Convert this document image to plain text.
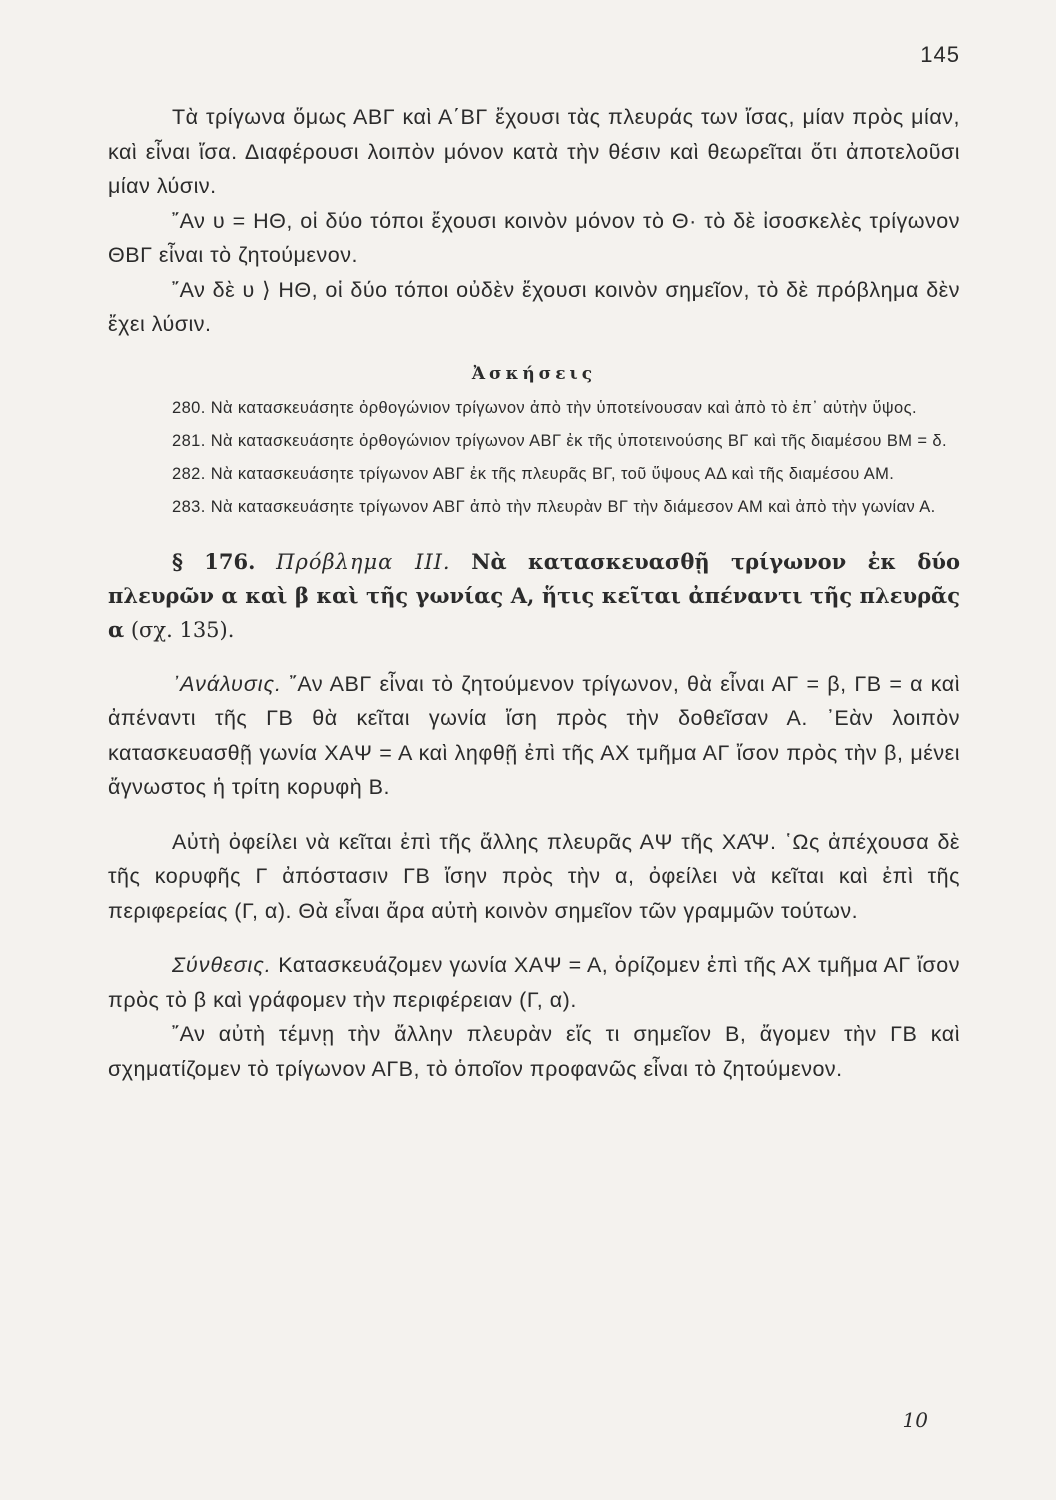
145

Τὰ τρίγωνα ὅμως ΑΒΓ καὶ Α΄ΒΓ ἔχουσι τὰς πλευράς των ἴσας, μίαν πρὸς μίαν, καὶ εἶναι ἴσα. Διαφέρουσι λοιπὸν μόνον κατὰ τὴν θέσιν καὶ θεωρεῖται ὅτι ἀποτελοῦσι μίαν λύσιν.

῎Αν υ = ΗΘ, οἱ δύο τόποι ἔχουσι κοινὸν μόνον τὸ Θ· τὸ δὲ ἰσοσκελὲς τρίγωνον ΘΒΓ εἶναι τὸ ζητούμενον.

῎Αν δὲ υ ⟩ ΗΘ, οἱ δύο τόποι οὐδὲν ἔχουσι κοινὸν σημεῖον, τὸ δὲ πρόβλημα δὲν ἔχει λύσιν.

Ἀσκήσεις

280. Νὰ κατασκευάσητε ὀρθογώνιον τρίγωνον ἀπὸ τὴν ὑποτείνουσαν καὶ ἀπὸ τὸ ἐπ᾿ αὐτὴν ὕψος.

281. Νὰ κατασκευάσητε ὀρθογώνιον τρίγωνον ΑΒΓ ἐκ τῆς ὑποτεινούσης ΒΓ καὶ τῆς διαμέσου ΒΜ = δ.

282. Νὰ κατασκευάσητε τρίγωνον ΑΒΓ ἐκ τῆς πλευρᾶς ΒΓ, τοῦ ὕψους ΑΔ καὶ τῆς διαμέσου ΑΜ.

283. Νὰ κατασκευάσητε τρίγωνον ΑΒΓ ἀπὸ τὴν πλευρὰν ΒΓ τὴν διάμεσον ΑΜ καὶ ἀπὸ τὴν γωνίαν Α.

§ 176. Πρόβλημα ΙΙΙ. Νὰ κατασκευασθῇ τρίγωνον ἐκ δύο πλευρῶν α καὶ β καὶ τῆς γωνίας Α, ἥτις κεῖται ἀπέναντι τῆς πλευρᾶς α (σχ. 135).

᾿Ανάλυσις. ῎Αν ΑΒΓ εἶναι τὸ ζητούμενον τρίγωνον, θὰ εἶναι ΑΓ = β, ΓΒ = α καὶ ἀπέναντι τῆς ΓΒ θὰ κεῖται γωνία ἴση πρὸς τὴν δοθεῖσαν Α. ᾿Εὰν λοιπὸν κατασκευασθῇ γωνία ΧΑΨ = Α καὶ ληφθῇ ἐπὶ τῆς ΑΧ τμῆμα ΑΓ ἴσον πρὸς τὴν β, μένει ἄγνωστος ἡ τρίτη κορυφὴ Β.

Αὐτὴ ὀφείλει νὰ κεῖται ἐπὶ τῆς ἄλλης πλευρᾶς ΑΨ τῆς ΧΑ̂Ψ. ῾Ως ἀπέχουσα δὲ τῆς κορυφῆς Γ ἀπόστασιν ΓΒ ἴσην πρὸς τὴν α, ὀφείλει νὰ κεῖται καὶ ἐπὶ τῆς περιφερείας (Γ, α). Θὰ εἶναι ἄρα αὐτὴ κοινὸν σημεῖον τῶν γραμμῶν τούτων.

Σύνθεσις. Κατασκευάζομεν γωνία ΧΑΨ = Α, ὁρίζομεν ἐπὶ τῆς ΑΧ τμῆμα ΑΓ ἴσον πρὸς τὸ β καὶ γράφομεν τὴν περιφέρειαν (Γ, α).

῎Αν αὐτὴ τέμνῃ τὴν ἄλλην πλευρὰν εἴς τι σημεῖον Β, ἄγομεν τὴν ΓΒ καὶ σχηματίζομεν τὸ τρίγωνον ΑΓΒ, τὸ ὁποῖον προφανῶς εἶναι τὸ ζητούμενον.

10
